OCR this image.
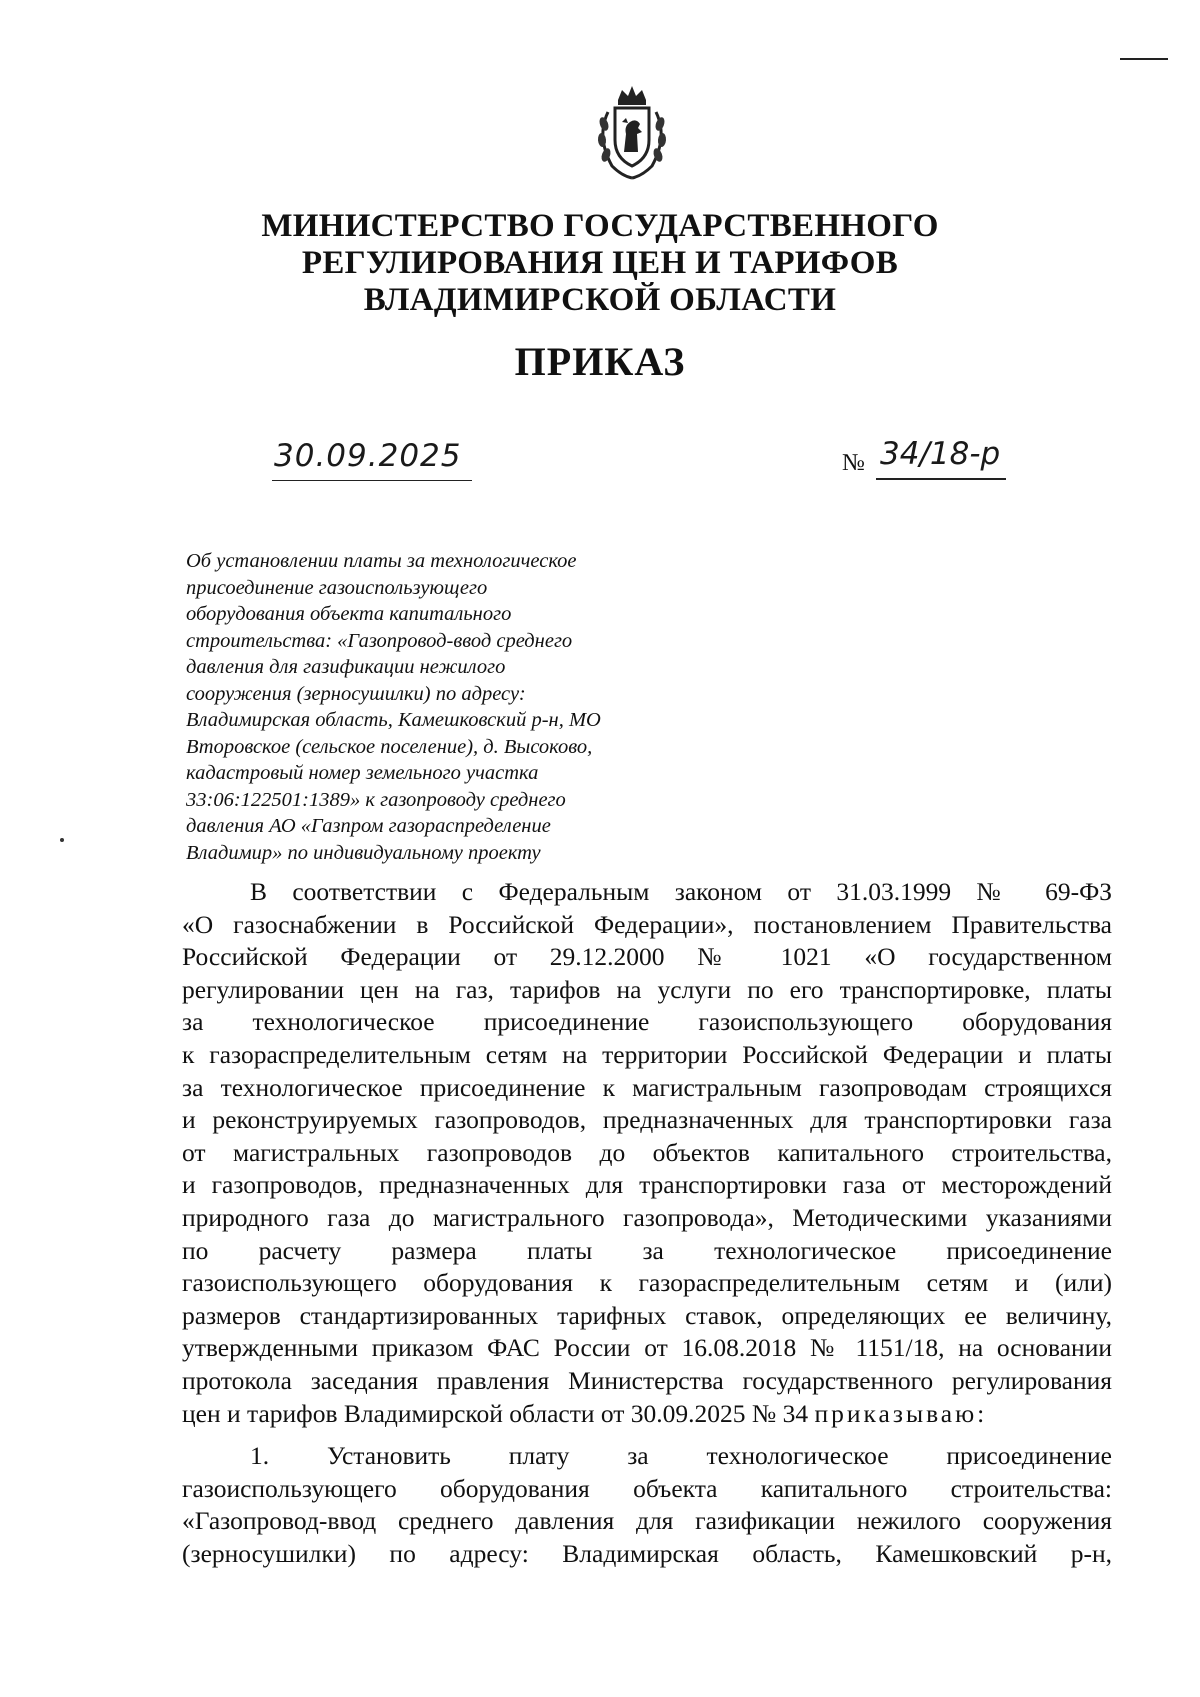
МИНИСТЕРСТВО ГОСУДАРСТВЕННОГО
РЕГУЛИРОВАНИЯ ЦЕН И ТАРИФОВ
ВЛАДИМИРСКОЙ ОБЛАСТИ
ПРИКАЗ
30.09.2025	№ 34/18-р
Об установлении платы за технологическое
присоединение газоиспользующего
оборудования объекта капитального
строительства: «Газопровод-ввод среднего
давления для газификации нежилого
сооружения (зерносушилки) по адресу:
Владимирская область, Камешковский р-н, МО
Второвское (сельское поселение), д. Высоково,
кадастровый номер земельного участка
33:06:122501:1389» к газопроводу среднего
давления АО «Газпром газораспределение
Владимир» по индивидуальному проекту
В соответствии с Федеральным законом от 31.03.1999 № 69-ФЗ
«О газоснабжении в Российской Федерации», постановлением Правительства
Российской Федерации от 29.12.2000 № 1021 «О государственном
регулировании цен на газ, тарифов на услуги по его транспортировке, платы
за технологическое присоединение газоиспользующего оборудования
к газораспределительным сетям на территории Российской Федерации и платы
за технологическое присоединение к магистральным газопроводам строящихся
и реконструируемых газопроводов, предназначенных для транспортировки газа
от магистральных газопроводов до объектов капитального строительства,
и газопроводов, предназначенных для транспортировки газа от месторождений
природного газа до магистрального газопровода», Методическими указаниями
по расчету размера платы за технологическое присоединение
газоиспользующего оборудования к газораспределительным сетям и (или)
размеров стандартизированных тарифных ставок, определяющих ее величину,
утвержденными приказом ФАС России от 16.08.2018 № 1151/18, на основании
протокола заседания правления Министерства государственного регулирования
цен и тарифов Владимирской области от 30.09.2025 № 34 приказываю:
1. Установить плату за технологическое присоединение
газоиспользующего оборудования объекта капитального строительства:
«Газопровод-ввод среднего давления для газификации нежилого сооружения
(зерносушилки) по адресу: Владимирская область, Камешковский р-н,
